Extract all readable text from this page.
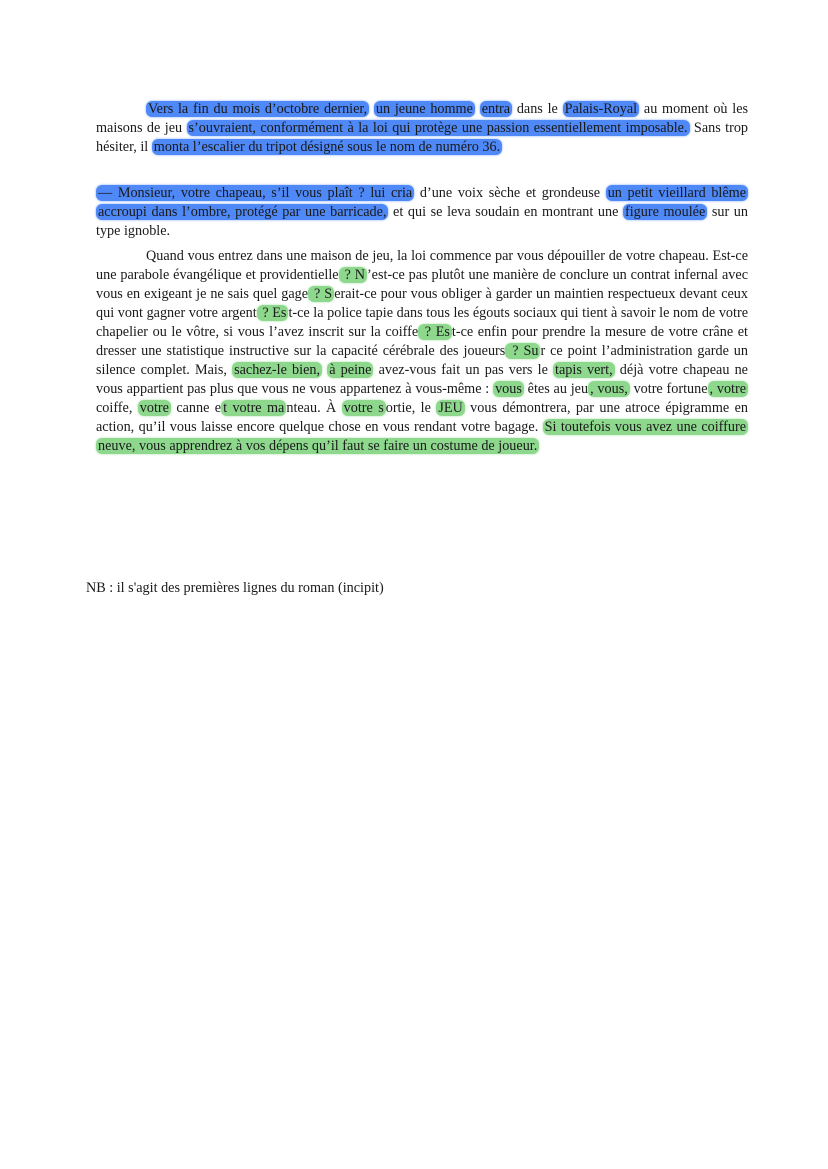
Vers la fin du mois d’octobre dernier, un jeune homme entra dans le Palais-Royal au moment où les maisons de jeu s’ouvraient, conformément à la loi qui protège une passion essentiellement imposable. Sans trop hésiter, il monta l’escalier du tripot désigné sous le nom de numéro 36.

— Monsieur, votre chapeau, s’il vous plaît ? lui cria d’une voix sèche et grondeuse un petit vieillard blême accroupi dans l’ombre, protégé par une barricade, et qui se leva soudain en montrant une figure moulée sur un type ignoble.

Quand vous entrez dans une maison de jeu, la loi commence par vous dépouiller de votre chapeau. Est-ce une parabole évangélique et providentielle ? N ’est-ce pas plutôt une manière de conclure un contrat infernal avec vous en exigeant je ne sais quel gage ? S erait-ce pour vous obliger à garder un maintien respectueux devant ceux qui vont gagner votre argent ? Es t-ce la police tapie dans tous les égouts sociaux qui tient à savoir le nom de votre chapelier ou le vôtre, si vous l’avez inscrit sur la coiffe ? Es t-ce enfin pour prendre la mesure de votre crâne et dresser une statistique instructive sur la capacité cérébrale des joueurs ? Su r ce point l’administration garde un silence complet. Mais, sachez-le bien, à peine avez-vous fait un pas vers le tapis vert, déjà votre chapeau ne vous appartient pas plus que vous ne vous appartenez à vous-même : vous êtes au jeu , vous, votre fortune , votre coiffe, votre canne e t votre ma nteau. À votre s ortie, le JEU vous démontrera, par une atroce épigramme en action, qu’il vous laisse encore quelque chose en vous rendant votre bagage. Si toutefois vous avez une coiffure neuve, vous apprendrez à vos dépens qu’il faut se faire un costume de joueur.

NB : il s'agit des premières lignes du roman (incipit)
